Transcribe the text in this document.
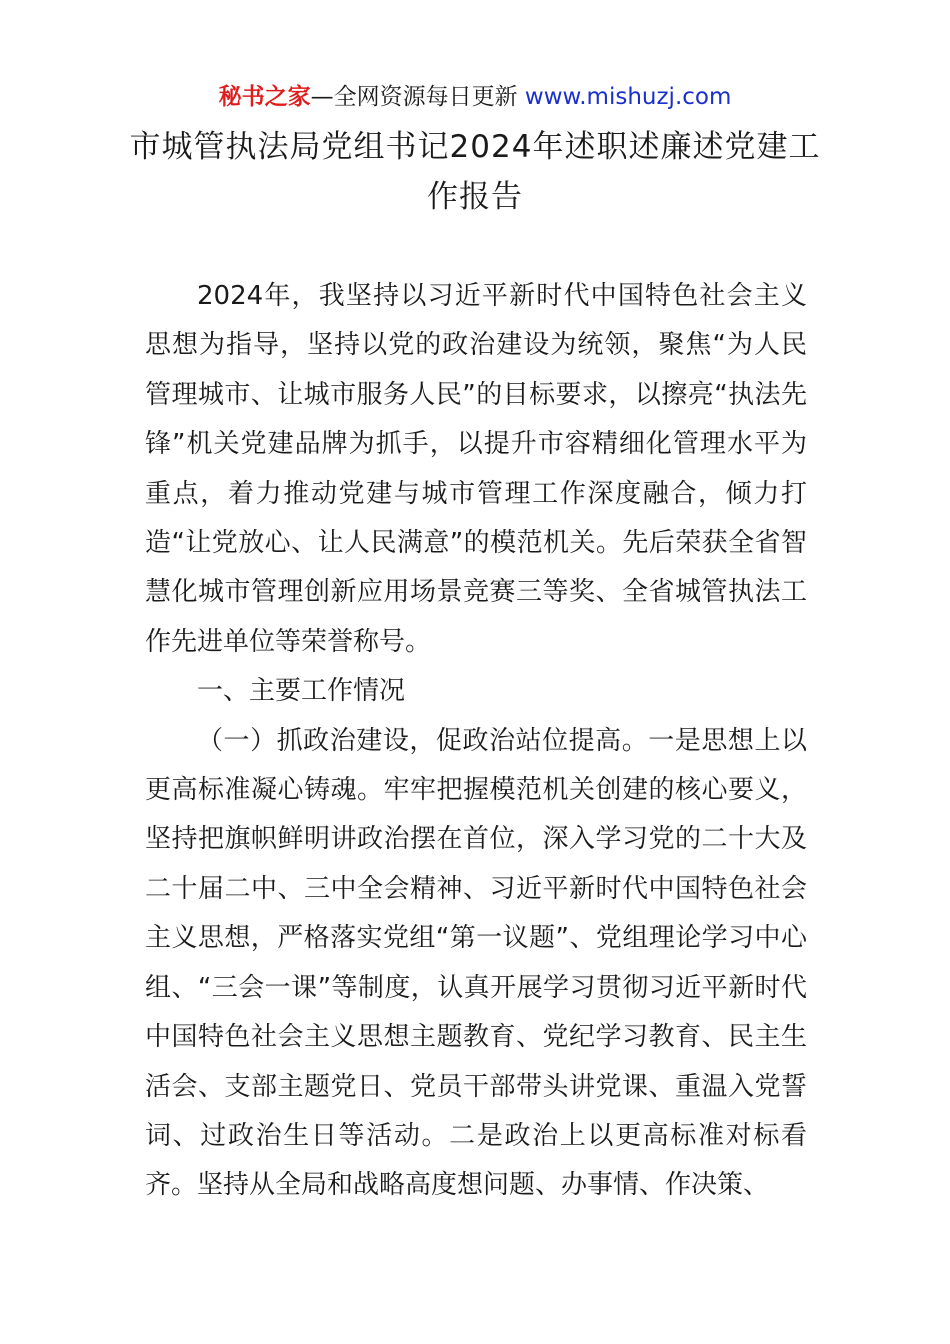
秘书之家—全网资源每日更新 www.mishuzj.com
市城管执法局党组书记2024年述职述廉述党建工作报告

2024年，我坚持以习近平新时代中国特色社会主义思想为指导，坚持以党的政治建设为统领，聚焦“为人民管理城市、让城市服务人民”的目标要求，以擦亮“执法先锋”机关党建品牌为抓手，以提升市容精细化管理水平为重点，着力推动党建与城市管理工作深度融合，倾力打造“让党放心、让人民满意”的模范机关。先后荣获全省智慧化城市管理创新应用场景竞赛三等奖、全省城管执法工作先进单位等荣誉称号。

一、主要工作情况

（一）抓政治建设，促政治站位提高。一是思想上以更高标准凝心铸魂。牢牢把握模范机关创建的核心要义，坚持把旗帜鲜明讲政治摆在首位，深入学习党的二十大及二十届二中、三中全会精神、习近平新时代中国特色社会主义思想，严格落实党组“第一议题”、党组理论学习中心组、“三会一课”等制度，认真开展学习贯彻习近平新时代中国特色社会主义思想主题教育、党纪学习教育、民主生活会、支部主题党日、党员干部带头讲党课、重温入党誓词、过政治生日等活动。二是政治上以更高标准对标看齐。坚持从全局和战略高度想问题、办事情、作决策、
